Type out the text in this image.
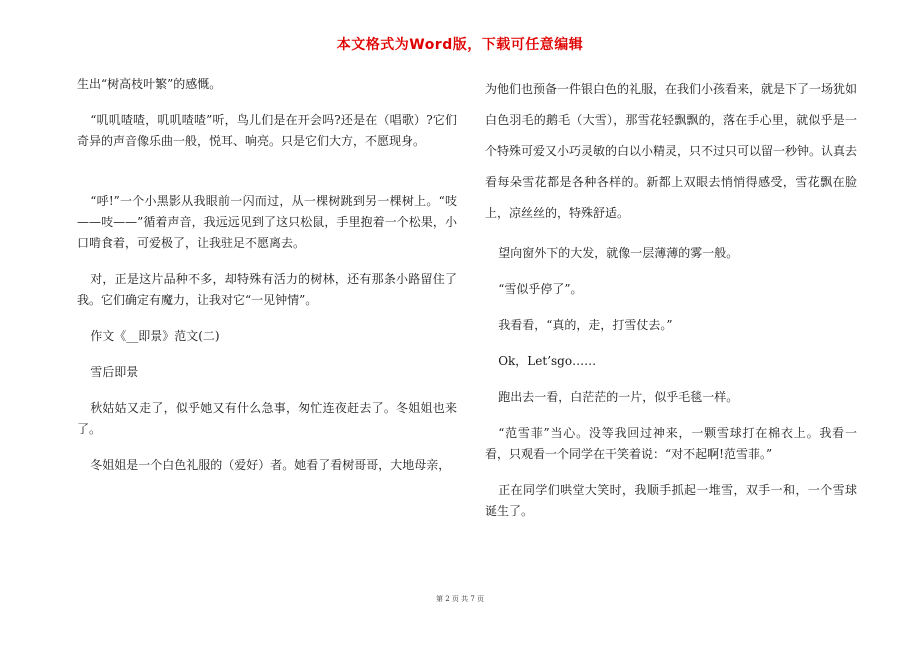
本文格式为Word版，下载可任意编辑

生出“树高枝叶繁”的感慨。

“叽叽喳喳，叽叽喳喳”听，鸟儿们是在开会吗?还是在（唱歌）?它们奇异的声音像乐曲一般，悦耳、响亮。只是它们大方，不愿现身。

“呼!”一个小黑影从我眼前一闪而过，从一棵树跳到另一棵树上。“吱——吱——”循着声音，我远远见到了这只松鼠，手里抱着一个松果，小口啃食着，可爱极了，让我驻足不愿离去。

对，正是这片品种不多，却特殊有活力的树林，还有那条小路留住了我。它们确定有魔力，让我对它“一见钟情”。

作文《__即景》范文(二)

雪后即景

秋姑姑又走了，似乎她又有什么急事，匆忙连夜赶去了。冬姐姐也来了。

冬姐姐是一个白色礼服的（爱好）者。她看了看树哥哥，大地母亲，

为他们也预备一件银白色的礼服，在我们小孩看来，就是下了一场犹如白色羽毛的鹅毛（大雪），那雪花轻飘飘的，落在手心里，就似乎是一个特殊可爱又小巧灵敏的白以小精灵，只不过只可以留一秒钟。认真去看每朵雪花都是各种各样的。新都上双眼去悄悄得感受，雪花飘在脸上，凉丝丝的，特殊舒适。

望向窗外下的大发，就像一层薄薄的雾一般。

“雪似乎停了”。

我看看，“真的，走，打雪仗去。”

Ok，Let’sgo……

跑出去一看，白茫茫的一片，似乎毛毯一样。

“范雪菲”当心。没等我回过神来，一颗雪球打在棉衣上。我看一看，只观看一个同学在干笑着说：“对不起啊!范雪菲。”

正在同学们哄堂大笑时，我顺手抓起一堆雪，双手一和，一个雪球诞生了。

第 2 页 共 7 页
